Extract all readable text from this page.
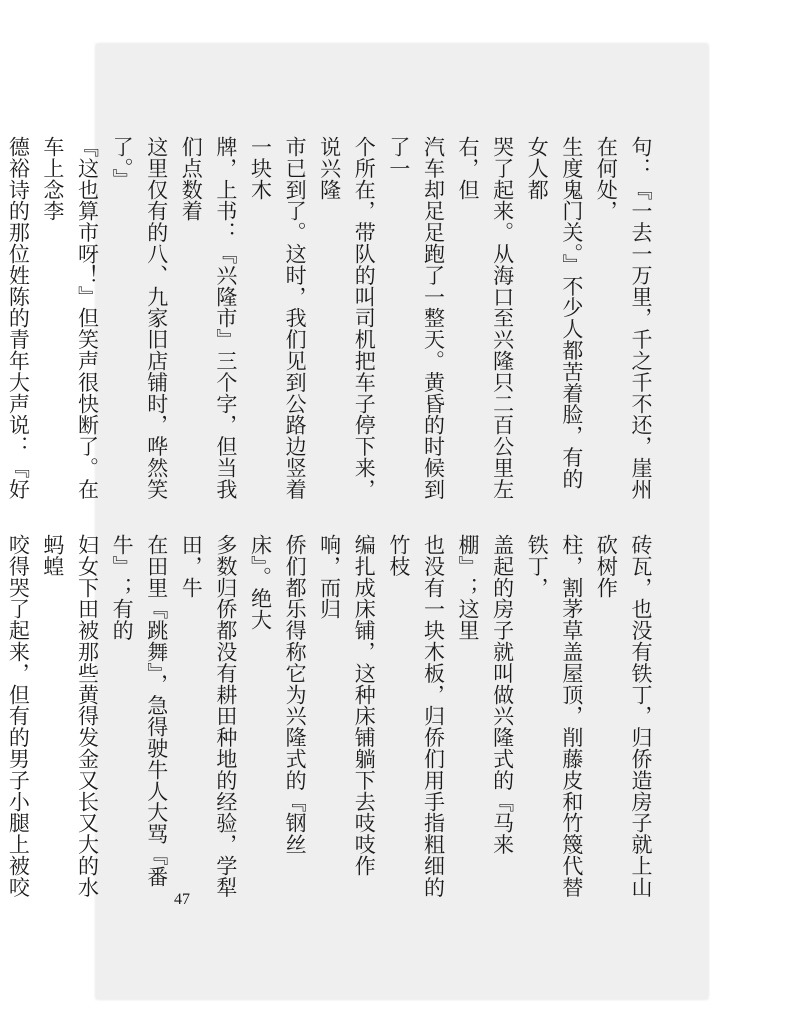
句：『一去一万里，千之千不还，崖州在何处，

生度鬼门关。』不少人都苦着脸，有的女人都

哭了起来。从海口至兴隆只二百公里左右，但

汽车却足足跑了一整天。黄昏的时候到了一

个所在，带队的叫司机把车子停下来，说兴隆

市已到了。这时，我们见到公路边竖着一块木

牌，上书：『兴隆市』三个字，但当我们点数着

这里仅有的八、九家旧店铺时，哗然笑了。』

『这也算市呀！』但笑声很快断了。在车上念李

德裕诗的那位姓陈的青年大声说：『好

砖瓦，也没有铁丁，归侨造房子就上山砍树作

柱，割茅草盖屋顶，削藤皮和竹篾代替铁丁，

盖起的房子就叫做兴隆式的『马来棚』；这里

也没有一块木板，归侨们用手指粗细的竹枝

编扎成床铺，这种床铺躺下去吱吱作响，而归

侨们都乐得称它为兴隆式的『钢丝床』。绝大

多数归侨都没有耕田种地的经验，学犁田，牛

在田里『跳舞』，急得驶牛人大骂『番牛』；有的

妇女下田被那些黄得发金又长又大的水蚂蝗

咬得哭了起来，但有的男子小腿上被咬

47
